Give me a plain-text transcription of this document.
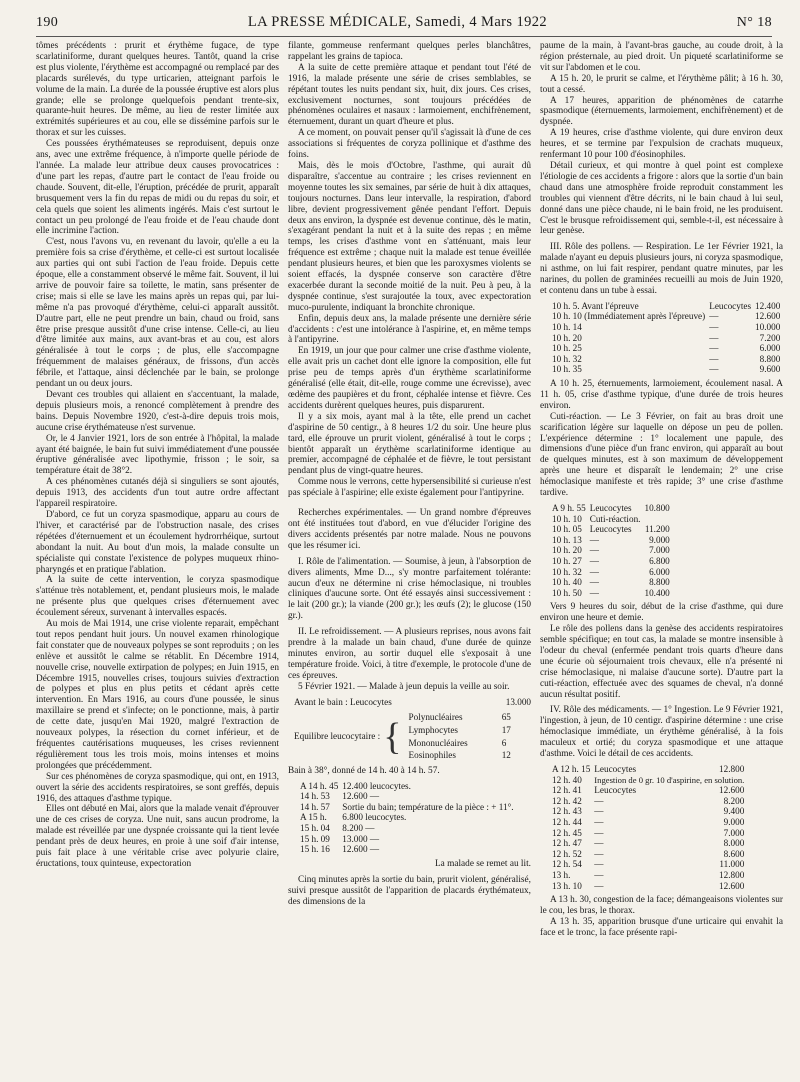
190	LA PRESSE MÉDICALE, Samedi, 4 Mars 1922	N° 18

tômes précédents : prurit et érythème fugace, de type scarlatiniforme, durant quelques heures. Tantôt, quand la crise est plus violente, l'érythème est accompagné ou remplacé par des placards surélevés, du type urticarien, atteignant parfois le volume de la main. La durée de la poussée éruptive est alors plus grande; elle se prolonge quelquefois pendant trente-six, quarante-huit heures. De même, au lieu de rester limitée aux extrémités supérieures et au cou, elle se dissémine parfois sur le thorax et sur les cuisses.

Ces poussées érythémateuses se reproduisent, depuis onze ans, avec une extrême fréquence, à n'importe quelle période de l'année. La malade leur attribue deux causes provocatrices : d'une part les repas, d'autre part le contact de l'eau froide ou chaude. Souvent, dit-elle, l'éruption, précédée de prurit, apparaît brusquement vers la fin du repas de midi ou du repas du soir, et cela quels que soient les aliments ingérés. Mais c'est surtout le contact un peu prolongé de l'eau froide et de l'eau chaude dont elle incrimine l'action.

C'est, nous l'avons vu, en revenant du lavoir, qu'elle a eu la première fois sa crise d'érythème, et celle-ci est surtout localisée aux parties qui ont subi l'action de l'eau froide. Depuis cette époque, elle a constamment observé le même fait. Souvent, il lui arrive de pouvoir faire sa toilette, le matin, sans présenter de crise; mais si elle se lave les mains après un repas qui, par lui-même n'a pas provoqué d'érythème, celui-ci apparaît aussitôt. D'autre part, elle ne peut prendre un bain, chaud ou froid, sans être prise presque aussitôt d'une crise intense. Celle-ci, au lieu d'être limitée aux mains, aux avant-bras et au cou, est alors généralisée à tout le corps ; de plus, elle s'accompagne fréquemment de malaises généraux, de frissons, d'un accès fébrile, et l'attaque, ainsi déclenchée par le bain, se prolonge pendant un ou deux jours.

Devant ces troubles qui allaient en s'accentuant, la malade, depuis plusieurs mois, a renoncé complètement à prendre des bains. Depuis Novembre 1920, c'est-à-dire depuis trois mois, aucune crise érythémateuse n'est survenue.

Or, le 4 Janvier 1921, lors de son entrée à l'hôpital, la malade ayant été baignée, le bain fut suivi immédiatement d'une poussée éruptive généralisée avec lipothymie, frisson ; le soir, sa température était de 38°2.

A ces phénomènes cutanés déjà si singuliers se sont ajoutés, depuis 1913, des accidents d'un tout autre ordre affectant l'appareil respiratoire.

D'abord, ce fut un coryza spasmodique, apparu au cours de l'hiver, et caractérisé par de l'obstruction nasale, des crises répétées d'éternuement et un écoulement hydrorrhéique, surtout abondant la nuit. Au bout d'un mois, la malade consulte un spécialiste qui constate l'existence de polypes muqueux rhino-pharyngés et en pratique l'ablation.

A la suite de cette intervention, le coryza spasmodique s'atténue très notablement, et, pendant plusieurs mois, le malade ne présente plus que quelques crises d'éternuement avec écoulement séreux, survenant à intervalles espacés.

Au mois de Mai 1914, une crise violente reparait, empêchant tout repos pendant huit jours. Un nouvel examen rhinologique fait constater que de nouveaux polypes se sont reproduits ; on les enlève et aussitôt le calme se rétablit. En Décembre 1914, nouvelle crise, nouvelle extirpation de polypes; en Juin 1915, en Décembre 1915, nouvelles crises, toujours suivies d'extraction de polypes et plus en plus petits et cédant après cette intervention. En Mars 1916, au cours d'une poussée, le sinus maxillaire se prend et s'infecte; on le ponctionne, mais, à partir de cette date, jusqu'en Mai 1920, malgré l'extraction de nouveaux polypes, la résection du cornet inférieur, et de fréquentes cautérisations muqueuses, les crises reviennent régulièrement tous les trois mois, moins intenses et moins prolongées que précédemment.

Sur ces phénomènes de coryza spasmodique, qui ont, en 1913, ouvert la série des accidents respiratoires, se sont greffés, depuis 1916, des attaques d'asthme typique.

Elles ont débuté en Mai, alors que la malade venait d'éprouver une de ces crises de coryza. Une nuit, sans aucun prodrome, la malade est réveillée par une dyspnée croissante qui la tient levée pendant près de deux heures, en proie à une soif d'air intense, puis fait place à une véritable crise avec polyurie claire, éructations, toux quinteuse, expectoration

filante, gommeuse renfermant quelques perles blanchâtres, rappelant les grains de tapioca.

A la suite de cette première attaque et pendant tout l'été de 1916, la malade présente une série de crises semblables, se répétant toutes les nuits pendant six, huit, dix jours. Ces crises, exclusivement nocturnes, sont toujours précédées de phénomènes oculaires et nasaux : larmoiement, enchifrènement, éternuement, durant un quart d'heure et plus.

A ce moment, on pouvait penser qu'il s'agissait là d'une de ces associations si fréquentes de coryza pollinique et d'asthme des foins.

Mais, dès le mois d'Octobre, l'asthme, qui aurait dû disparaître, s'accentue au contraire ; les crises reviennent en moyenne toutes les six semaines, par série de huit à dix attaques, toujours nocturnes. Dans leur intervalle, la respiration, d'abord libre, devient progressivement gênée pendant l'effort. Depuis deux ans environ, la dyspnée est devenue continue, dès le matin, s'exagérant pendant la nuit et à la suite des repas ; en même temps, les crises d'asthme vont en s'atténuant, mais leur fréquence est extrême ; chaque nuit la malade est tenue éveillée pendant plusieurs heures, et bien que les paroxysmes violents se soient effacés, la dyspnée conserve son caractère d'être exacerbée durant la seconde moitié de la nuit. Peu à peu, à la dyspnée continue, s'est surajoutée la toux, avec expectoration muco-purulente, indiquant la bronchite chronique.

Enfin, depuis deux ans, la malade présente une dernière série d'accidents : c'est une intolérance à l'aspirine, et, en même temps à l'antipyrine.

En 1919, un jour que pour calmer une crise d'asthme violente, elle avait pris un cachet dont elle ignore la composition, elle fut prise peu de temps après d'un érythème scarlatiniforme généralisé (elle était, dit-elle, rouge comme une écrevisse), avec œdème des paupières et du front, céphalée intense et fièvre. Ces accidents durèrent quelques heures, puis disparurent.

Il y a six mois, ayant mal à la tête, elle prend un cachet d'aspirine de 50 centigr., à 8 heures 1/2 du soir. Une heure plus tard, elle éprouve un prurit violent, généralisé à tout le corps ; bientôt apparaît un érythème scarlatiniforme identique au premier, accompagné de céphalée et de fièvre, le tout persistant pendant plus de vingt-quatre heures.

Comme nous le verrons, cette hypersensibilité si curieuse n'est pas spéciale à l'aspirine; elle existe également pour l'antipyrine.

Recherches expérimentales. — Un grand nombre d'épreuves ont été instituées tout d'abord, en vue d'élucider l'origine des divers accidents présentés par notre malade. Nous ne pouvons que les résumer ici.

I. Rôle de l'alimentation. — Soumise, à jeun, à l'absorption de divers aliments, Mme D..., s'y montre parfaitement tolérante: aucun d'eux ne détermine ni crise hémoclasique, ni troubles cliniques d'aucune sorte. Ont été essayés ainsi successivement : le lait (200 gr.); la viande (200 gr.); les œufs (2); le glucose (150 gr.).

II. Le refroidissement. — A plusieurs reprises, nous avons fait prendre à la malade un bain chaud, d'une durée de quinze minutes environ, au sortir duquel elle s'exposait à une température froide. Voici, à titre d'exemple, le protocole d'une de ces épreuves.

5 Février 1921. — Malade à jeun depuis la veille au soir.

Avant le bain : Leucocytes	13.000
Equilibre leucocytaire : { Polynucléaires	65
Lymphocytes	17
Mononucléaires	6
Eosinophiles	12

Bain à 38°, donné de 14 h. 40 à 14 h. 57.

A 14 h. 45	12.400 leucocytes.
14 h. 53	12.600 —
14 h. 57	Sortie du bain; température de la pièce : + 11°.
A 15 h.	6.800 leucocytes.
15 h. 04	8.200 —
15 h. 09	13.000 —
15 h. 16	12.600 —

La malade se remet au lit.

Cinq minutes après la sortie du bain, prurit violent, généralisé, suivi presque aussitôt de l'apparition de placards érythémateux, des dimensions de la

paume de la main, à l'avant-bras gauche, au coude droit, à la région présternale, au pied droit. Un piqueté scarlatiniforme se vit sur l'abdomen et le cou.

A 15 h. 20, le prurit se calme, et l'érythème pâlit; à 16 h. 30, tout a cessé.

A 17 heures, apparition de phénomènes de catarrhe spasmodique (éternuements, larmoiement, enchifrènement) et de dyspnée.

A 19 heures, crise d'asthme violente, qui dure environ deux heures, et se termine par l'expulsion de crachats muqueux, renfermant 10 pour 100 d'éosinophiles.

Détail curieux, et qui montre à quel point est complexe l'étiologie de ces accidents a frigore : alors que la sortie d'un bain chaud dans une atmosphère froide reproduit constamment les troubles qui viennent d'être décrits, ni le bain chaud à lui seul, donné dans une pièce chaude, ni le bain froid, ne les produisent. C'est le brusque refroidissement qui, semble-t-il, est nécessaire à leur genèse.

III. Rôle des pollens. — Respiration. Le 1er Février 1921, la malade n'ayant eu depuis plusieurs jours, ni coryza spasmodique, ni asthme, on lui fait respirer, pendant quatre minutes, par les narines, du pollen de graminées recueilli au mois de Juin 1920, et contenu dans un tube à essai.

10 h. 5. Avant l'épreuve	Leucocytes	12.400
10 h. 10 (Immédiatement après l'épreuve)	—	12.600
10 h. 14	—	10.000
10 h. 20	—	7.200
10 h. 25	—	6.000
10 h. 32	—	8.800
10 h. 35	—	9.600

A 10 h. 25, éternuements, larmoiement, écoulement nasal. A 11 h. 05, crise d'asthme typique, d'une durée de trois heures environ.

Cuti-réaction. — Le 3 Février, on fait au bras droit une scarification légère sur laquelle on dépose un peu de pollen. L'expérience détermine : 1° localement une papule, des dimensions d'une pièce d'un franc environ, qui apparaît au bout de quelques minutes, est à son maximum de développement après une heure et disparaît le lendemain; 2° une crise hémoclasique manifeste et très rapide; 3° une crise d'asthme tardive.

A 9 h. 55	Leucocytes	10.800
10 h. 10	Cuti-réaction.	
10 h. 05	Leucocytes	11.200
10 h. 13	—	9.000
10 h. 20	—	7.000
10 h. 27	—	6.800
10 h. 32	—	6.000
10 h. 40	—	8.800
10 h. 50	—	10.400

Vers 9 heures du soir, début de la crise d'asthme, qui dure environ une heure et demie.

Le rôle des pollens dans la genèse des accidents respiratoires semble spécifique; en tout cas, la malade se montre insensible à l'odeur du cheval (enfermée pendant trois quarts d'heure dans une écurie où séjournaient trois chevaux, elle n'a présenté ni crise hémoclasique, ni malaise d'aucune sorte). D'autre part la cuti-réaction, effectuée avec des squames de cheval, n'a donné aucun résultat positif.

IV. Rôle des médicaments. — 1° Ingestion. Le 9 Février 1921, l'ingestion, à jeun, de 10 centigr. d'aspirine détermine : une crise hémoclasique immédiate, un érythème généralisé, à la fois maculeux et ortié; du coryza spasmodique et une attaque d'asthme. Voici le détail de ces accidents.

A 12 h. 15	Leucocytes	12.800
12 h. 40	Ingestion de 0 gr. 10 d'aspirine, en solution.	
12 h. 41	Leucocytes	12.600
12 h. 42	—	8.200
12 h. 43	—	9.400
12 h. 44	—	9.000
12 h. 45	—	7.000
12 h. 47	—	8.000
12 h. 52	—	8.600
12 h. 54	—	11.000
13 h.	—	12.800
13 h. 10	—	12.600

A 13 h. 30, congestion de la face; démangeaisons violentes sur le cou, les bras, le thorax.

A 13 h. 35, apparition brusque d'une urticaire qui envahit la face et le tronc, la face présente rapi-
